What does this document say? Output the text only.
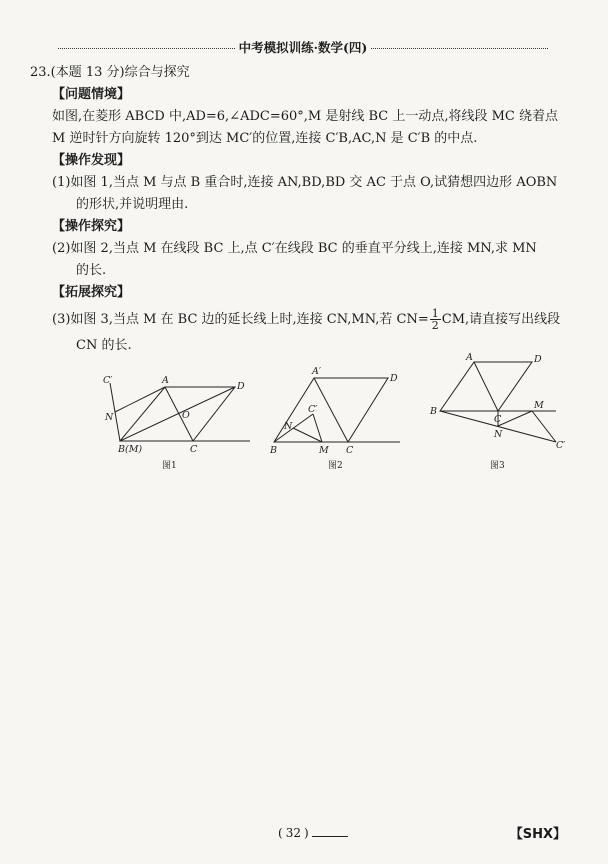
中考模拟训练·数学(四)
23.(本题 13 分)综合与探究
【问题情境】
如图,在菱形 ABCD 中,AD=6,∠ADC=60°,M 是射线 BC 上一动点,将线段 MC 绕着点
M 逆时针方向旋转 120°到达 MC′的位置,连接 C′B,AC,N 是 C′B 的中点.
【操作发现】
(1)如图 1,当点 M 与点 B 重合时,连接 AN,BD,BD 交 AC 于点 O,试猜想四边形 AOBN
的形状,并说明理由.
【操作探究】
(2)如图 2,当点 M 在线段 BC 上,点 C′在线段 BC 的垂直平分线上,连接 MN,求 MN
的长.
【拓展探究】
(3)如图 3,当点 M 在 BC 边的延长线上时,连接 CN,MN,若 $CN= \frac{1}{2}$ CM,请直接写出线段
CN 的长.
A
C′
D
N	O
B(M)	C
图1
A′
D
C′
N
B	M C
图2
A	D
B
C
M
N
C′
图3
( 32 )	【SHX】
